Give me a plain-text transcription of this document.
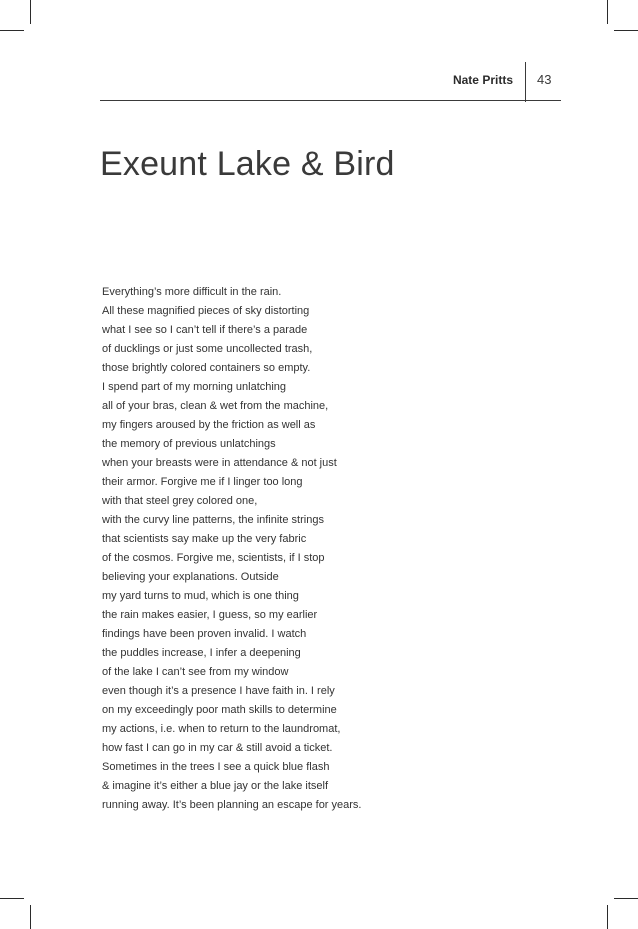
Nate Pritts 43
Exeunt Lake & Bird
Everything’s more difficult in the rain.
All these magnified pieces of sky distorting
what I see so I can’t tell if there’s a parade
of ducklings or just some uncollected trash,
those brightly colored containers so empty.
I spend part of my morning unlatching
all of your bras, clean & wet from the machine,
my fingers aroused by the friction as well as
the memory of previous unlatchings
when your breasts were in attendance & not just
their armor. Forgive me if I linger too long
with that steel grey colored one,
with the curvy line patterns, the infinite strings
that scientists say make up the very fabric
of the cosmos. Forgive me, scientists, if I stop
believing your explanations. Outside
my yard turns to mud, which is one thing
the rain makes easier, I guess, so my earlier
findings have been proven invalid. I watch
the puddles increase, I infer a deepening
of the lake I can’t see from my window
even though it’s a presence I have faith in. I rely
on my exceedingly poor math skills to determine
my actions, i.e. when to return to the laundromat,
how fast I can go in my car & still avoid a ticket.
Sometimes in the trees I see a quick blue flash
& imagine it’s either a blue jay or the lake itself
running away. It’s been planning an escape for years.
